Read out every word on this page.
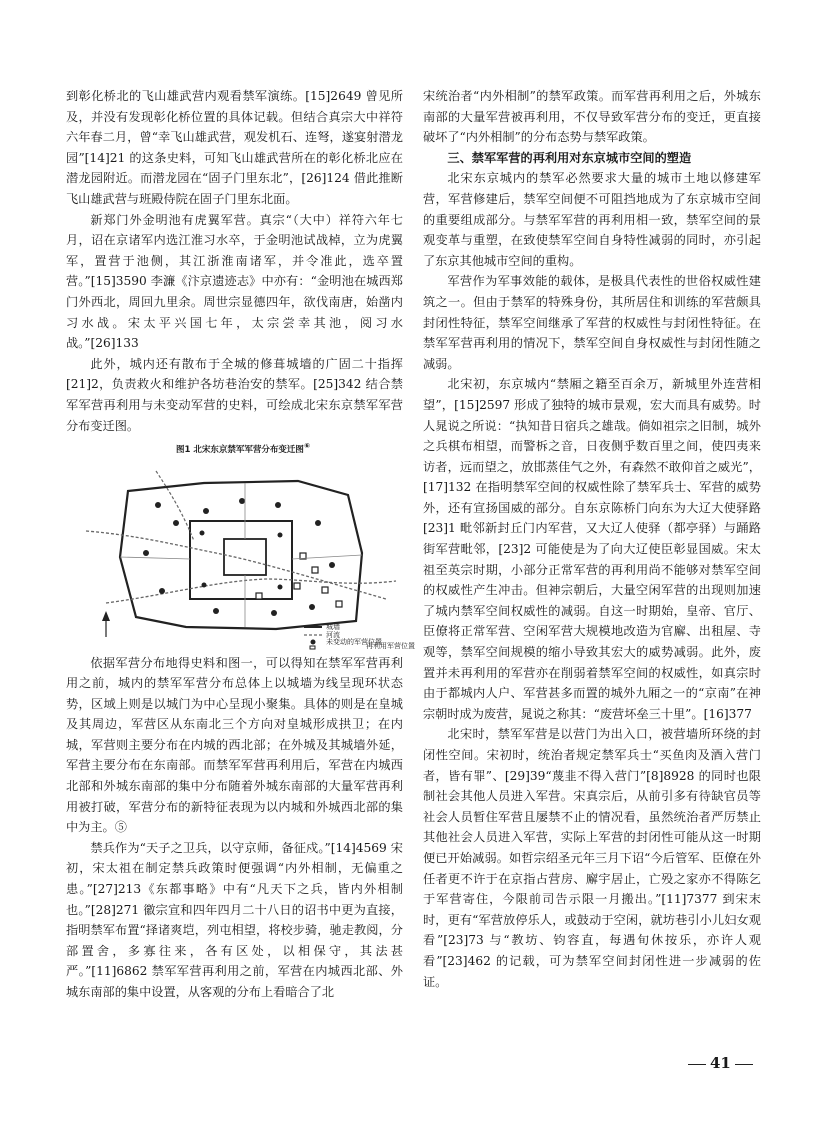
到彰化桥北的飞山雄武营内观看禁军演练。[15]2649 曾见所及，并没有发现彰化桥位置的具体记载。但结合真宗大中祥符六年春二月，曾“幸飞山雄武营，观发机石、连弩，遂宴射潜龙园”[14]21 的这条史料，可知飞山雄武营所在的彰化桥北应在潜龙园附近。而潜龙园在“固子门里东北”，[26]124 借此推断飞山雄武营与班殿侍院在固子门里东北面。

新郑门外金明池有虎翼军营。真宗“（大中）祥符六年七月，诏在京诸军内选江淮习水卒，于金明池试战棹，立为虎翼军，置营于池侧，其江浙淮南诸军，并令准此，选卒置营。”[15]3590 李濂《汴京遗迹志》中亦有：“金明池在城西郑门外西北，周回九里余。周世宗显德四年，欲伐南唐，始凿内习水战。宋太平兴国七年，太宗尝幸其池，阅习水战。”[26]133

此外，城内还有散布于全城的修葺城墙的广固二十指挥[21]2，负责救火和维护各坊巷治安的禁军。[25]342 结合禁军军营再利用与未变动军营的史料，可绘成北宋东京禁军军营分布变迁图。

图1 北宋东京禁军军营分布变迁图⑥

城墙
河流
未变动的军营位置
再利用军营位置

依据军营分布地得史料和图一，可以得知在禁军军营再利用之前，城内的禁军军营分布总体上以城墙为线呈现环状态势，区域上则是以城门为中心呈现小聚集。具体的则是在皇城及其周边，军营区从东南北三个方向对皇城形成拱卫；在内城，军营则主要分布在内城的西北部；在外城及其城墙外延，军营主要分布在东南部。而禁军军营再利用后，军营在内城西北部和外城东南部的集中分布随着外城东南部的大量军营再利用被打破，军营分布的新特征表现为以内城和外城西北部的集中为主。⑤

禁兵作为“天子之卫兵，以守京师，备征戍。”[14]4569 宋初，宋太祖在制定禁兵政策时便强调“内外相制，无偏重之患。”[27]213《东都事略》中有“凡天下之兵，皆内外相制也。”[28]271 徽宗宣和四年四月二十八日的诏书中更为直接，指明禁军布置“择诸爽垲，列屯相望，将校步骑，驰走教阅，分部置舍，多寡往来，各有区处，以相保守，其法甚严。”[11]6862 禁军军营再利用之前，军营在内城西北部、外城东南部的集中设置，从客观的分布上看暗合了北

宋统治者“内外相制”的禁军政策。而军营再利用之后，外城东南部的大量军营被再利用，不仅导致军营分布的变迁，更直接破坏了“内外相制”的分布态势与禁军政策。

三、禁军军营的再利用对东京城市空间的塑造

北宋东京城内的禁军必然要求大量的城市土地以修建军营，军营修建后，禁军空间便不可阻挡地成为了东京城市空间的重要组成部分。与禁军军营的再利用相一致，禁军空间的景观变革与重塑，在致使禁军空间自身特性减弱的同时，亦引起了东京其他城市空间的重构。

军营作为军事效能的载体，是极具代表性的世俗权威性建筑之一。但由于禁军的特殊身份，其所居住和训练的军营颇具封闭性特征，禁军空间继承了军营的权威性与封闭性特征。在禁军军营再利用的情况下，禁军空间自身权威性与封闭性随之减弱。

北宋初，东京城内“禁厢之籍至百余万，新城里外连营相望”，[15]2597 形成了独特的城市景观，宏大而具有威势。时人晁说之所说：“执知昔日宿兵之雄哉。倘如祖宗之旧制，城外之兵棋布相望，而警柝之音，日夜侧乎数百里之间，使四夷来访者，远而望之，放邯蒸佳气之外，有森然不敢仰首之威光”，[17]132 在指明禁军空间的权威性除了禁军兵士、军营的威势外，还有宣扬国威的部分。自东京陈桥门向东为大辽大使驿路[23]1 毗邻新封丘门内军营，又大辽人使驿（都亭驿）与踊路街军营毗邻，[23]2 可能使是为了向大辽使臣彰显国威。宋太祖至英宗时期，小部分正常军营的再利用尚不能够对禁军空间的权威性产生冲击。但神宗朝后，大量空闲军营的出现则加速了城内禁军空间权威性的减弱。自这一时期始，皇帝、官厅、臣僚将正常军营、空闲军营大规模地改造为官廨、出租屋、寺观等，禁军空间规模的缩小导致其宏大的威势减弱。此外，废置并未再利用的军营亦在削弱着禁军空间的权威性，如真宗时由于都城内人户、军营甚多而置的城外九厢之一的“京南”在神宗朝时成为废营，晁说之称其：“废营坏垒三十里”。[16]377

北宋时，禁军军营是以营门为出入口，被营墙所环绕的封闭性空间。宋初时，统治者规定禁军兵士“买鱼肉及酒入营门者，皆有罪”、[29]39“蔑韭不得入营门”[8]8928 的同时也限制社会其他人员进入军营。宋真宗后，从前引多有待缺官员等社会人员暂住军营且屡禁不止的情况看，虽然统治者严厉禁止其他社会人员进入军营，实际上军营的封闭性可能从这一时期便已开始减弱。如哲宗绍圣元年三月下诏“今后管军、臣僚在外任者更不许于在京指占营房、廨宇居止，亡殁之家亦不得陈乞于军营寄住，今限前司告示限一月搬出。”[11]7377 到宋末时，更有“军营放停乐人，或鼓动于空闲，就坊巷引小儿妇女观看”[23]73 与“教坊、钧容直，每遇旬休按乐，亦许人观看”[23]462 的记载，可为禁军空间封闭性进一步减弱的佐证。

41
